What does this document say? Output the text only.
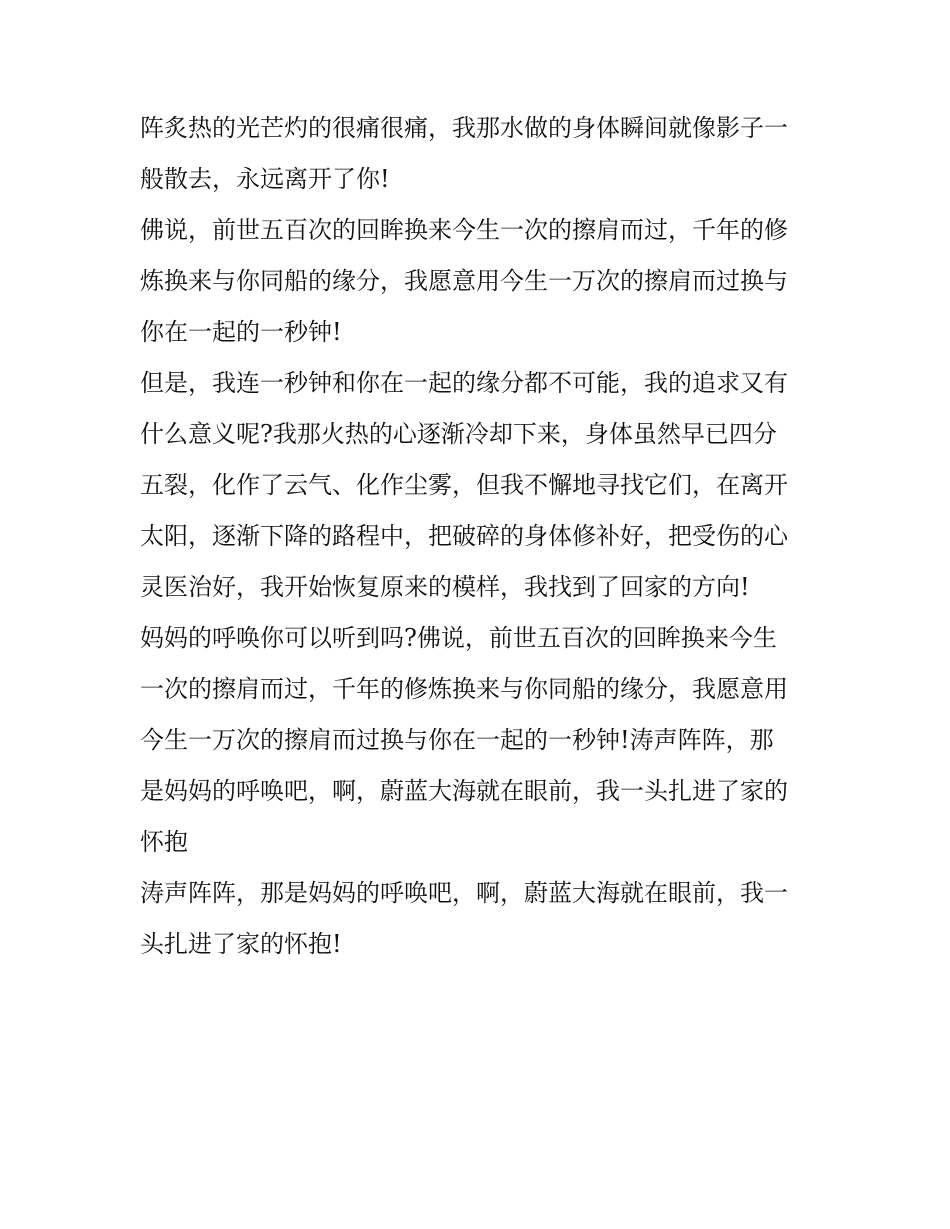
阵炙热的光芒灼的很痛很痛，我那水做的身体瞬间就像影子一
般散去，永远离开了你!
佛说，前世五百次的回眸换来今生一次的擦肩而过，千年的修
炼换来与你同船的缘分，我愿意用今生一万次的擦肩而过换与
你在一起的一秒钟!
但是，我连一秒钟和你在一起的缘分都不可能，我的追求又有
什么意义呢?我那火热的心逐渐冷却下来，身体虽然早已四分
五裂，化作了云气、化作尘雾，但我不懈地寻找它们，在离开
太阳，逐渐下降的路程中，把破碎的身体修补好，把受伤的心
灵医治好，我开始恢复原来的模样，我找到了回家的方向!
妈妈的呼唤你可以听到吗?佛说，前世五百次的回眸换来今生
一次的擦肩而过，千年的修炼换来与你同船的缘分，我愿意用
今生一万次的擦肩而过换与你在一起的一秒钟!涛声阵阵，那
是妈妈的呼唤吧，啊，蔚蓝大海就在眼前，我一头扎进了家的
怀抱
涛声阵阵，那是妈妈的呼唤吧，啊，蔚蓝大海就在眼前，我一
头扎进了家的怀抱!
